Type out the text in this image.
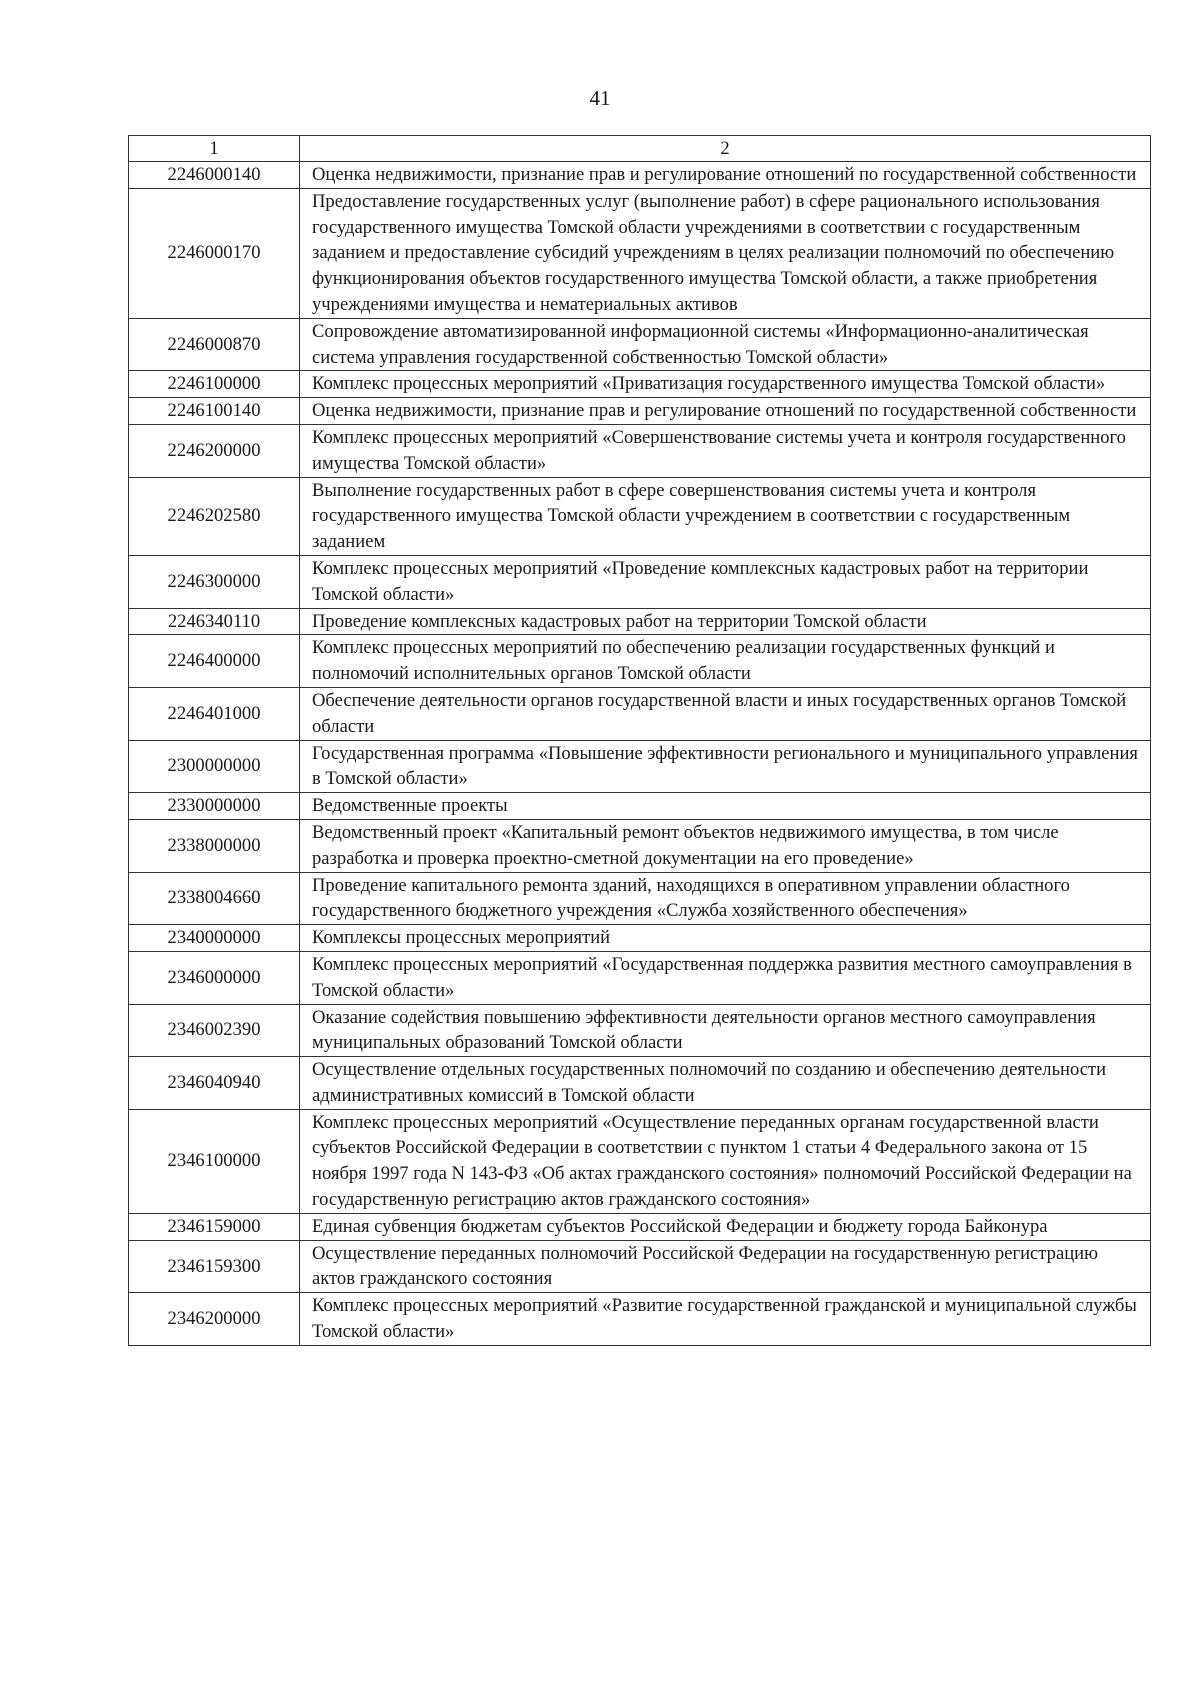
41
1	2
2246000140	Оценка недвижимости, признание прав и регулирование отношений по государственной собственности
2246000170	Предоставление государственных услуг (выполнение работ) в сфере рационального использования государственного имущества Томской области учреждениями в соответствии с государственным заданием и предоставление субсидий учреждениям в целях реализации полномочий по обеспечению функционирования объектов государственного имущества Томской области, а также приобретения учреждениями имущества и нематериальных активов
2246000870	Сопровождение автоматизированной информационной системы «Информационно-аналитическая система управления государственной собственностью Томской области»
2246100000	Комплекс процессных мероприятий «Приватизация государственного имущества Томской области»
2246100140	Оценка недвижимости, признание прав и регулирование отношений по государственной собственности
2246200000	Комплекс процессных мероприятий «Совершенствование системы учета и контроля государственного имущества Томской области»
2246202580	Выполнение государственных работ в сфере совершенствования системы учета и контроля государственного имущества Томской области учреждением в соответствии с государственным заданием
2246300000	Комплекс процессных мероприятий «Проведение комплексных кадастровых работ на территории Томской области»
2246340110	Проведение комплексных кадастровых работ на территории Томской области
2246400000	Комплекс процессных мероприятий по обеспечению реализации государственных функций и полномочий исполнительных органов Томской области
2246401000	Обеспечение деятельности органов государственной власти и иных государственных органов Томской области
2300000000	Государственная программа «Повышение эффективности регионального и муниципального управления в Томской области»
2330000000	Ведомственные проекты
2338000000	Ведомственный проект «Капитальный ремонт объектов недвижимого имущества, в том числе разработка и проверка проектно-сметной документации на его проведение»
2338004660	Проведение капитального ремонта зданий, находящихся в оперативном управлении областного государственного бюджетного учреждения «Служба хозяйственного обеспечения»
2340000000	Комплексы процессных мероприятий
2346000000	Комплекс процессных мероприятий «Государственная поддержка развития местного самоуправления в Томской области»
2346002390	Оказание содействия повышению эффективности деятельности органов местного самоуправления муниципальных образований Томской области
2346040940	Осуществление отдельных государственных полномочий по созданию и обеспечению деятельности административных комиссий в Томской области
2346100000	Комплекс процессных мероприятий «Осуществление переданных органам государственной власти субъектов Российской Федерации в соответствии с пунктом 1 статьи 4 Федерального закона от 15 ноября 1997 года N 143-ФЗ «Об актах гражданского состояния» полномочий Российской Федерации на государственную регистрацию актов гражданского состояния»
2346159000	Единая субвенция бюджетам субъектов Российской Федерации и бюджету города Байконура
2346159300	Осуществление переданных полномочий Российской Федерации на государственную регистрацию актов гражданского состояния
2346200000	Комплекс процессных мероприятий «Развитие государственной гражданской и муниципальной службы Томской области»
